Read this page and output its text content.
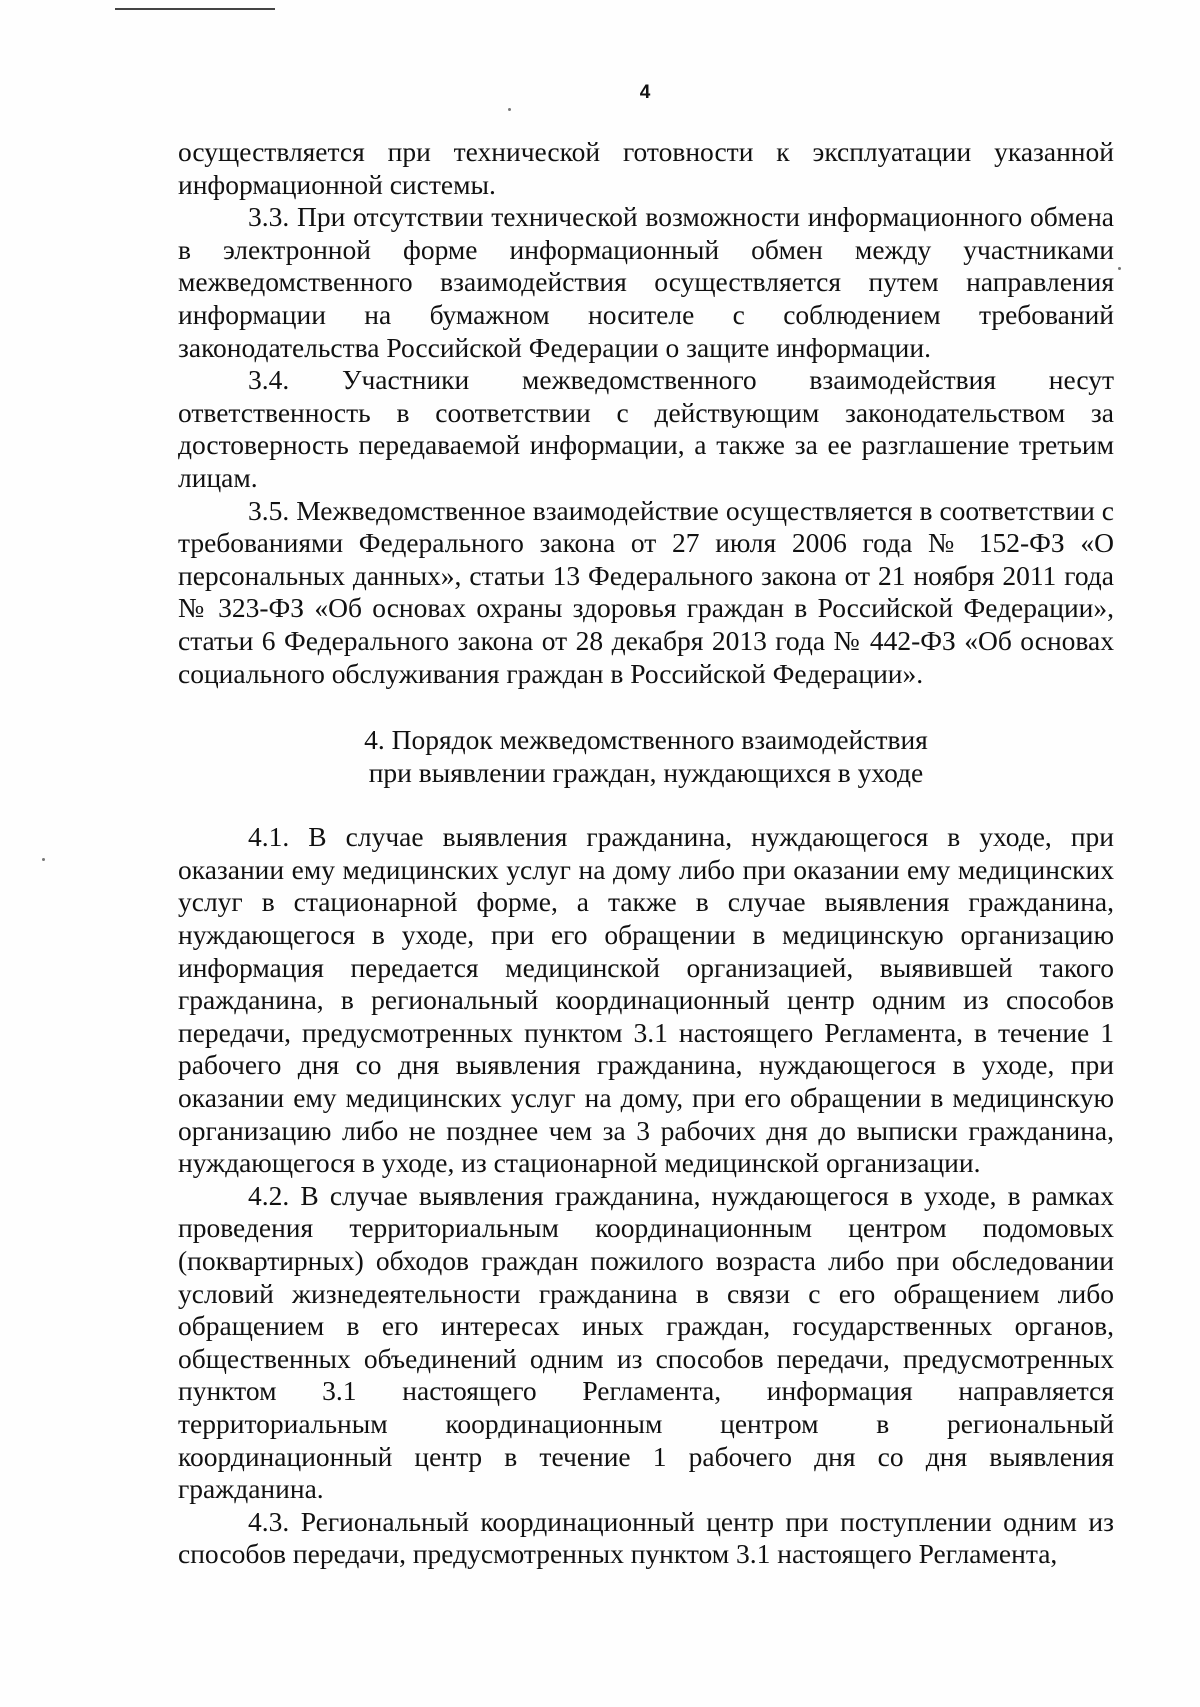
4

осуществляется при технической готовности к эксплуатации указанной информационной системы.

3.3. При отсутствии технической возможности информационного обмена в электронной форме информационный обмен между участниками межведомственного взаимодействия осуществляется путем направления информации на бумажном носителе с соблюдением требований законодательства Российской Федерации о защите информации.

3.4. Участники межведомственного взаимодействия несут ответственность в соответствии с действующим законодательством за достоверность передаваемой информации, а также за ее разглашение третьим лицам.

3.5. Межведомственное взаимодействие осуществляется в соответствии с требованиями Федерального закона от 27 июля 2006 года № 152-ФЗ «О персональных данных», статьи 13 Федерального закона от 21 ноября 2011 года № 323-ФЗ «Об основах охраны здоровья граждан в Российской Федерации», статьи 6 Федерального закона от 28 декабря 2013 года № 442-ФЗ «Об основах социального обслуживания граждан в Российской Федерации».

4. Порядок межведомственного взаимодействия
при выявлении граждан, нуждающихся в уходе

4.1. В случае выявления гражданина, нуждающегося в уходе, при оказании ему медицинских услуг на дому либо при оказании ему медицинских услуг в стационарной форме, а также в случае выявления гражданина, нуждающегося в уходе, при его обращении в медицинскую организацию информация передается медицинской организацией, выявившей такого гражданина, в региональный координационный центр одним из способов передачи, предусмотренных пунктом 3.1 настоящего Регламента, в течение 1 рабочего дня со дня выявления гражданина, нуждающегося в уходе, при оказании ему медицинских услуг на дому, при его обращении в медицинскую организацию либо не позднее чем за 3 рабочих дня до выписки гражданина, нуждающегося в уходе, из стационарной медицинской организации.

4.2. В случае выявления гражданина, нуждающегося в уходе, в рамках проведения территориальным координационным центром подомовых (поквартирных) обходов граждан пожилого возраста либо при обследовании условий жизнедеятельности гражданина в связи с его обращением либо обращением в его интересах иных граждан, государственных органов, общественных объединений одним из способов передачи, предусмотренных пунктом 3.1 настоящего Регламента, информация направляется территориальным координационным центром в региональный координационный центр в течение 1 рабочего дня со дня выявления гражданина.

4.3. Региональный координационный центр при поступлении одним из способов передачи, предусмотренных пунктом 3.1 настоящего Регламента,
